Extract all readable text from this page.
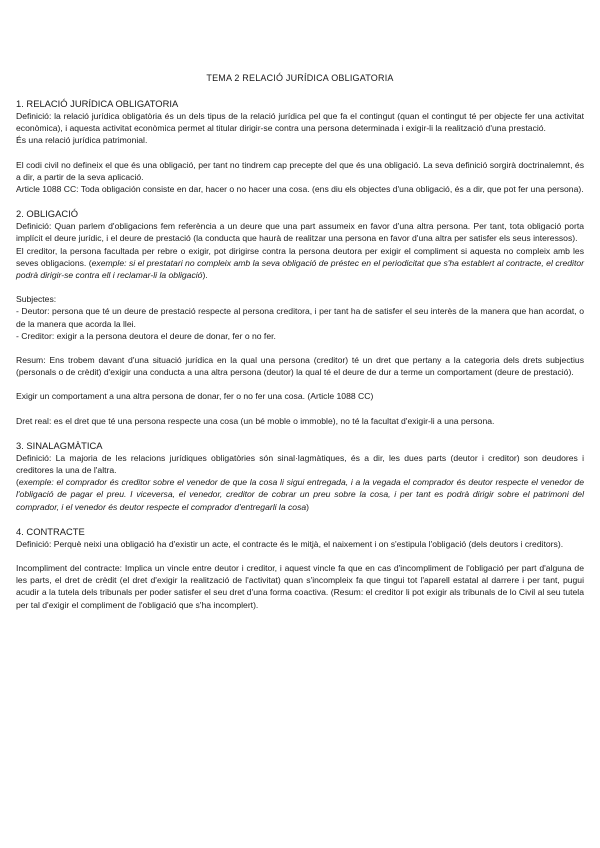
TEMA 2 RELACIÓ JURÍDICA OBLIGATORIA

1. RELACIÓ JURÍDICA OBLIGATORIA

Definició: la relació jurídica obligatòria és un dels tipus de la relació jurídica pel que fa el contingut (quan el contingut té per objecte fer una activitat econòmica), i aquesta activitat econòmica permet al titular dirigir-se contra una persona determinada i exigir-li la realització d'una prestació.

És una relació jurídica patrimonial.

El codi civil no defineix el que és una obligació, per tant no tindrem cap precepte del que és una obligació. La seva definició sorgirà doctrinalemnt, és a dir, a partir de la seva aplicació.

Article 1088 CC: Toda obligación consiste en dar, hacer o no hacer una cosa. (ens diu els objectes d'una obligació, és a dir, que pot fer una persona).

2. OBLIGACIÓ

Definició: Quan parlem d'obligacions fem referència a un deure que una part assumeix en favor d'una altra persona. Per tant, tota obligació porta implícit el deure jurídic, i el deure de prestació (la conducta que haurà de realitzar una persona en favor d'una altra per satisfer els seus interessos).

El creditor, la persona facultada per rebre o exigir, pot dirigirse contra la persona deutora per exigir el compliment si aquesta no compleix amb les seves obligacions. (exemple: si el prestatari no compleix amb la seva obligació de préstec en el periodicitat que s'ha establert al contracte, el creditor podrà dirigir-se contra ell i reclamar-li la obligació).

Subjectes:

- Deutor: persona que té un deure de prestació respecte al persona creditora, i per tant ha de satisfer el seu interès de la manera que han acordat, o de la manera que acorda la llei.

- Creditor: exigir a la persona deutora el deure de donar, fer o no fer.

Resum: Ens trobem davant d'una situació jurídica en la qual una persona (creditor) té un dret que pertany a la categoria dels drets subjectius (personals o de crèdit) d'exigir una conducta a una altra persona (deutor) la qual té el deure de dur a terme un comportament (deure de prestació).

Exigir un comportament a una altra persona de donar, fer o no fer una cosa. (Article 1088 CC)

Dret real: es el dret que té una persona respecte una cosa (un bé moble o immoble), no té la facultat d'exigir-li a una persona.

3. SINALAGMÀTICA

Definició: La majoria de les relacions jurídiques obligatòries són sinal·lagmàtiques, és a dir, les dues parts (deutor i creditor) son deudores i creditores la una de l'altra.

(exemple: el comprador és creditor sobre el venedor de que la cosa li sigui entregada, i a la vegada el comprador és deutor respecte el venedor de l'obligació de pagar el preu. I viceversa, el venedor, creditor de cobrar un preu sobre la cosa, i per tant es podrà dirigir sobre el patrimoni del comprador, i el venedor és deutor respecte el comprador d'entregarli la cosa)

4. CONTRACTE

Definició: Perquè neixi una obligació ha d'existir un acte, el contracte és le mitjà, el naixement i on s'estipula l'obligació (dels deutors i creditors).

Incompliment del contracte: Implica un vincle entre deutor i creditor, i aquest vincle fa que en cas d'incompliment de l'obligació per part d'alguna de les parts, el dret de crèdit (el dret d'exigir la realització de l'activitat) quan s'incompleix fa que tingui tot l'aparell estatal al darrere i per tant, pugui acudir a la tutela dels tribunals per poder satisfer el seu dret d'una forma coactiva. (Resum: el creditor li pot exigir als tribunals de lo Civil al seu tutela per tal d'exigir el compliment de l'obligació que s'ha incomplert).
